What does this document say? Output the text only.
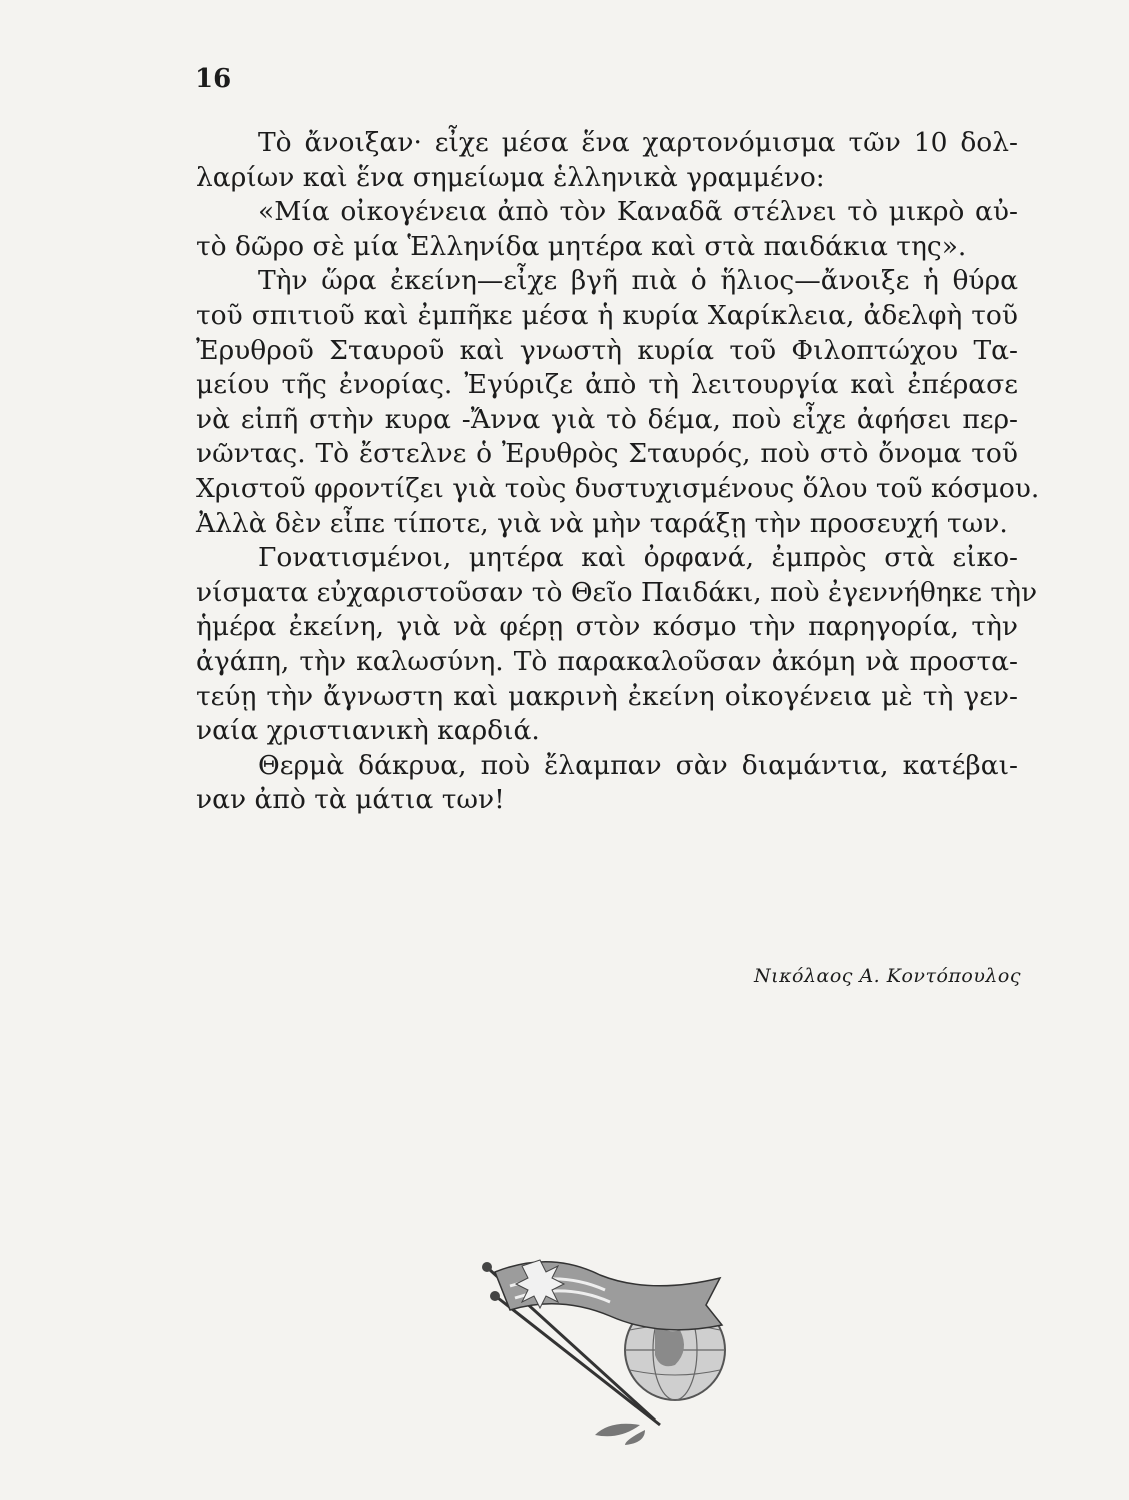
16
Τὸ ἄνοιξαν· εἶχε μέσα ἕνα χαρτονόμισμα τῶν 10 δολ-
λαρίων καὶ ἕνα σημείωμα ἑλληνικὰ γραμμένο:
«Μία οἰκογένεια ἀπὸ τὸν Καναδᾶ στέλνει τὸ μικρὸ αὐ-
τὸ δῶρο σὲ μία Ἑλληνίδα μητέρα καὶ στὰ παιδάκια της».
Τὴν ὥρα ἐκείνη—εἶχε βγῆ πιὰ ὁ ἥλιος—ἄνοιξε ἡ θύρα
τοῦ σπιτιοῦ καὶ ἐμπῆκε μέσα ἡ κυρία Χαρίκλεια, ἀδελφὴ τοῦ
Ἐρυθροῦ Σταυροῦ καὶ γνωστὴ κυρία τοῦ Φιλοπτώχου Τα-
μείου τῆς ἐνορίας. Ἐγύριζε ἀπὸ τὴ λειτουργία καὶ ἐπέρασε
νὰ εἰπῆ στὴν κυρα -Ἄννα γιὰ τὸ δέμα, ποὺ εἶχε ἀφήσει περ-
νῶντας. Τὸ ἔστελνε ὁ Ἐρυθρὸς Σταυρός, ποὺ στὸ ὄνομα τοῦ
Χριστοῦ φροντίζει γιὰ τοὺς δυστυχισμένους ὅλου τοῦ κόσμου.
Ἀλλὰ δὲν εἶπε τίποτε, γιὰ νὰ μὴν ταράξῃ τὴν προσευχή των.
Γονατισμένοι, μητέρα καὶ ὀρφανά, ἐμπρὸς στὰ εἰκο-
νίσματα εὐχαριστοῦσαν τὸ Θεῖο Παιδάκι, ποὺ ἐγεννήθηκε τὴν
ἡμέρα ἐκείνη, γιὰ νὰ φέρῃ στὸν κόσμο τὴν παρηγορία, τὴν
ἀγάπη, τὴν καλωσύνη. Τὸ παρακαλοῦσαν ἀκόμη νὰ προστα-
τεύῃ τὴν ἄγνωστη καὶ μακρινὴ ἐκείνη οἰκογένεια μὲ τὴ γεν-
ναία χριστιανικὴ καρδιά.
Θερμὰ δάκρυα, ποὺ ἔλαμπαν σὰν διαμάντια, κατέβαι-
ναν ἀπὸ τὰ μάτια των!
Νικόλαος Α. Κοντόπουλος
